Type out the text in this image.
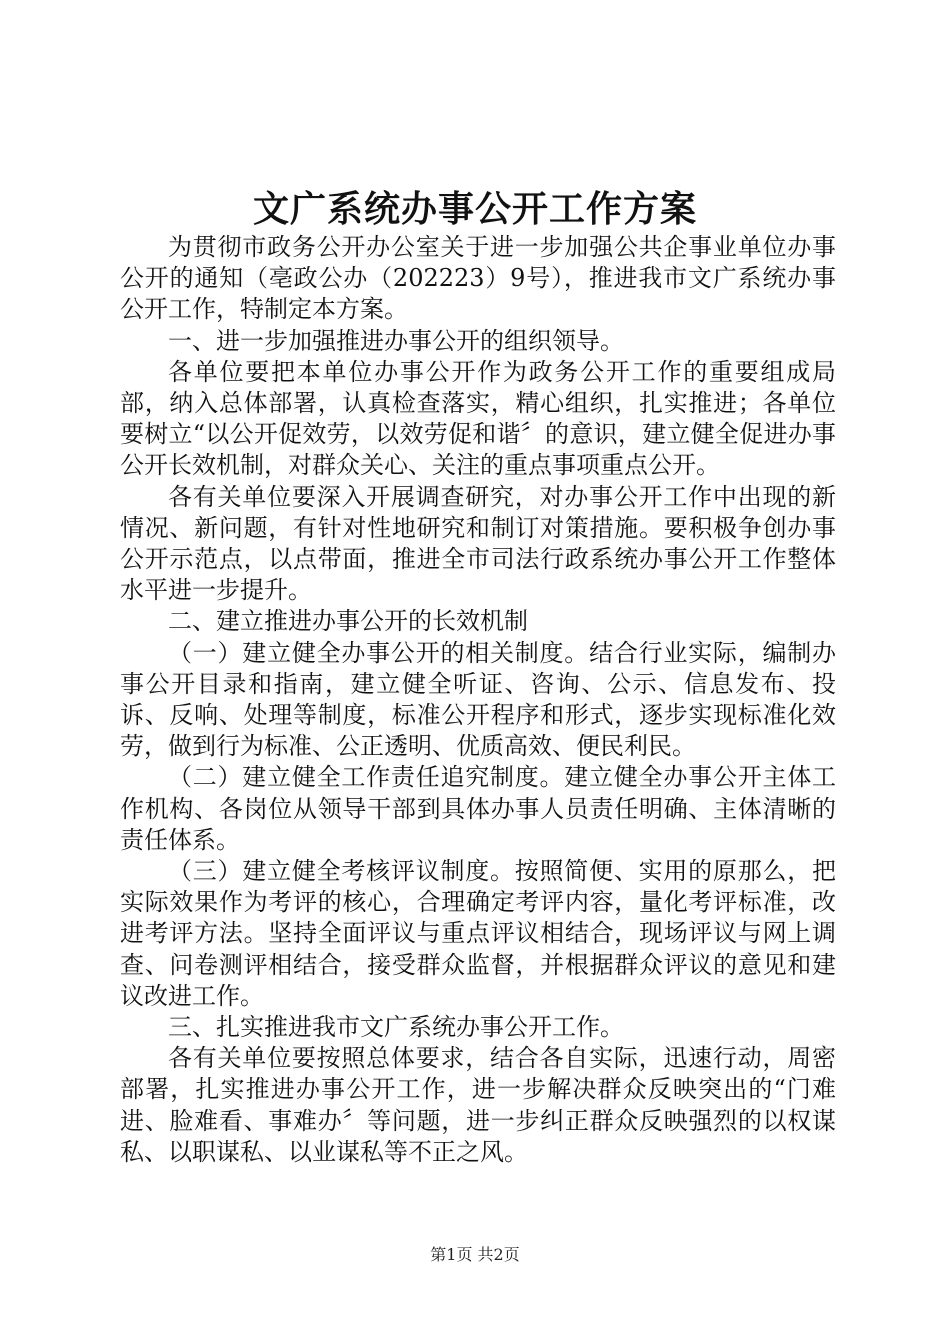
文广系统办事公开工作方案

为贯彻市政务公开办公室关于进一步加强公共企事业单位办事公开的通知（亳政公办（202223）9号），推进我市文广系统办事公开工作，特制定本方案。

一、进一步加强推进办事公开的组织领导。

各单位要把本单位办事公开作为政务公开工作的重要组成局部，纳入总体部署，认真检查落实，精心组织，扎实推进；各单位要树立“以公开促效劳，以效劳促和谐〞的意识，建立健全促进办事公开长效机制，对群众关心、关注的重点事项重点公开。

各有关单位要深入开展调查研究，对办事公开工作中出现的新情况、新问题，有针对性地研究和制订对策措施。要积极争创办事公开示范点，以点带面，推进全市司法行政系统办事公开工作整体水平进一步提升。

二、建立推进办事公开的长效机制

（一）建立健全办事公开的相关制度。结合行业实际，编制办事公开目录和指南，建立健全听证、咨询、公示、信息发布、投诉、反响、处理等制度，标准公开程序和形式，逐步实现标准化效劳，做到行为标准、公正透明、优质高效、便民利民。

（二）建立健全工作责任追究制度。建立健全办事公开主体工作机构、各岗位从领导干部到具体办事人员责任明确、主体清晰的责任体系。

（三）建立健全考核评议制度。按照简便、实用的原那么，把实际效果作为考评的核心，合理确定考评内容，量化考评标准，改进考评方法。坚持全面评议与重点评议相结合，现场评议与网上调查、问卷测评相结合，接受群众监督，并根据群众评议的意见和建议改进工作。

三、扎实推进我市文广系统办事公开工作。

各有关单位要按照总体要求，结合各自实际，迅速行动，周密部署，扎实推进办事公开工作，进一步解决群众反映突出的“门难进、脸难看、事难办〞等问题，进一步纠正群众反映强烈的以权谋私、以职谋私、以业谋私等不正之风。

第1页 共2页
